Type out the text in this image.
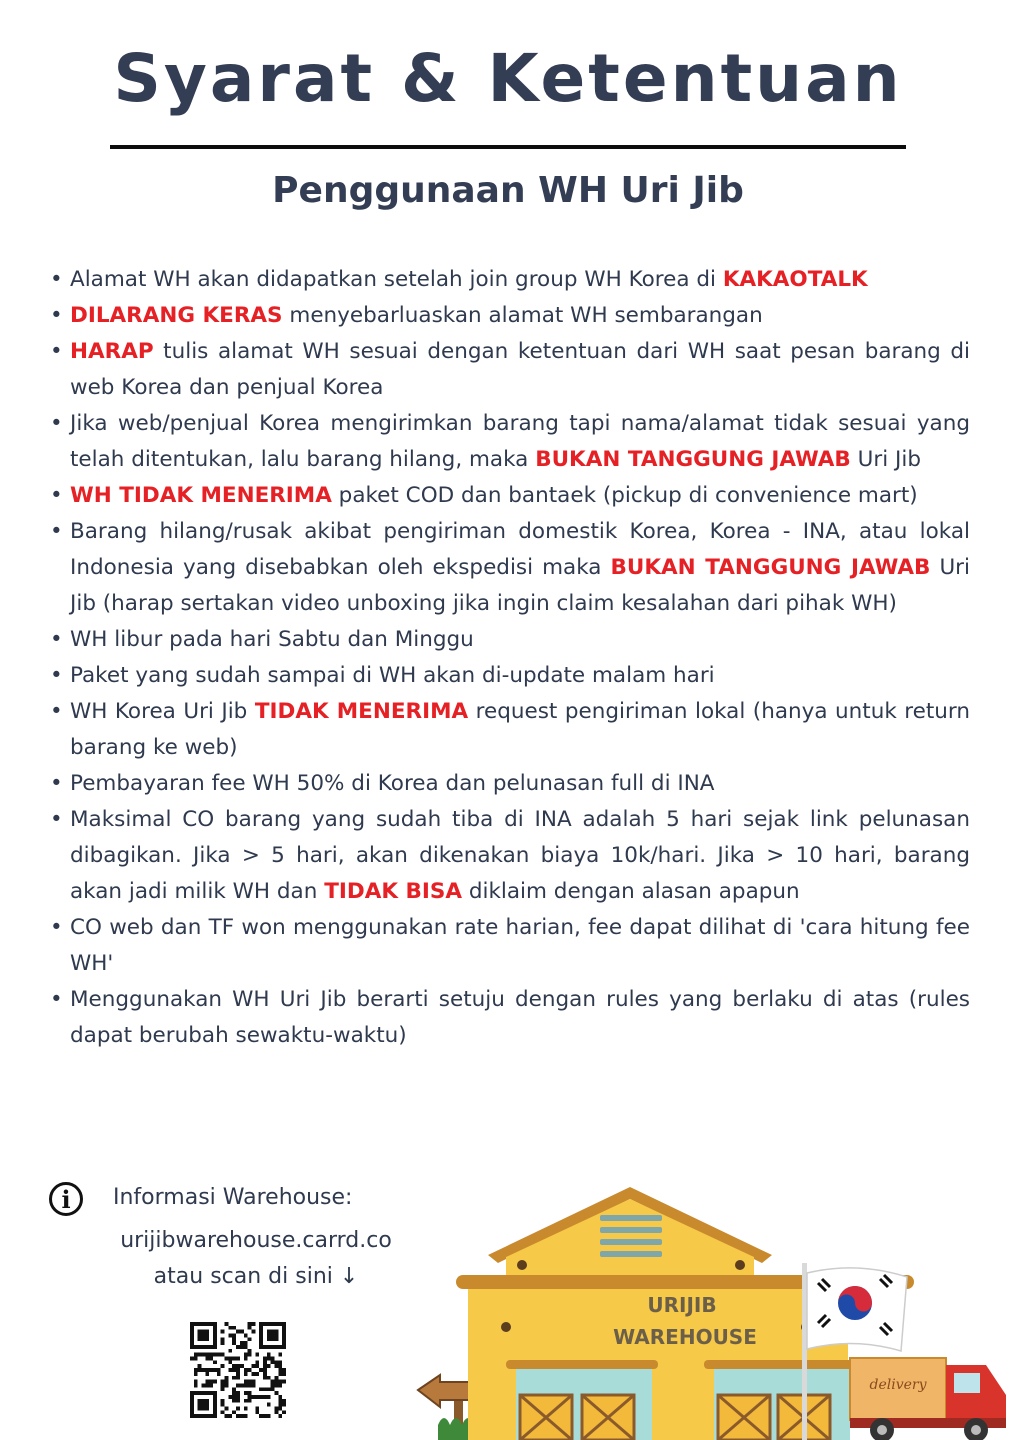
Syarat & Ketentuan
Penggunaan WH Uri Jib
• Alamat WH akan didapatkan setelah join group WH Korea di KAKAOTALK
• DILARANG KERAS menyebarluaskan alamat WH sembarangan
• HARAP tulis alamat WH sesuai dengan ketentuan dari WH saat pesan barang di web Korea dan penjual Korea
• Jika web/penjual Korea mengirimkan barang tapi nama/alamat tidak sesuai yang telah ditentukan, lalu barang hilang, maka BUKAN TANGGUNG JAWAB Uri Jib
• WH TIDAK MENERIMA paket COD dan bantaek (pickup di convenience mart)
• Barang hilang/rusak akibat pengiriman domestik Korea, Korea - INA, atau lokal Indonesia yang disebabkan oleh ekspedisi maka BUKAN TANGGUNG JAWAB Uri Jib (harap sertakan video unboxing jika ingin claim kesalahan dari pihak WH)
• WH libur pada hari Sabtu dan Minggu
• Paket yang sudah sampai di WH akan di-update malam hari
• WH Korea Uri Jib TIDAK MENERIMA request pengiriman lokal (hanya untuk return barang ke web)
• Pembayaran fee WH 50% di Korea dan pelunasan full di INA
• Maksimal CO barang yang sudah tiba di INA adalah 5 hari sejak link pelunasan dibagikan. Jika > 5 hari, akan dikenakan biaya 10k/hari. Jika > 10 hari, barang akan jadi milik WH dan TIDAK BISA diklaim dengan alasan apapun
• CO web dan TF won menggunakan rate harian, fee dapat dilihat di 'cara hitung fee WH'
• Menggunakan WH Uri Jib berarti setuju dengan rules yang berlaku di atas (rules dapat berubah sewaktu-waktu)
i	Informasi Warehouse:
urijibwarehouse.carrd.co
atau scan di sini ↓
URIJIB
WAREHOUSE
delivery
